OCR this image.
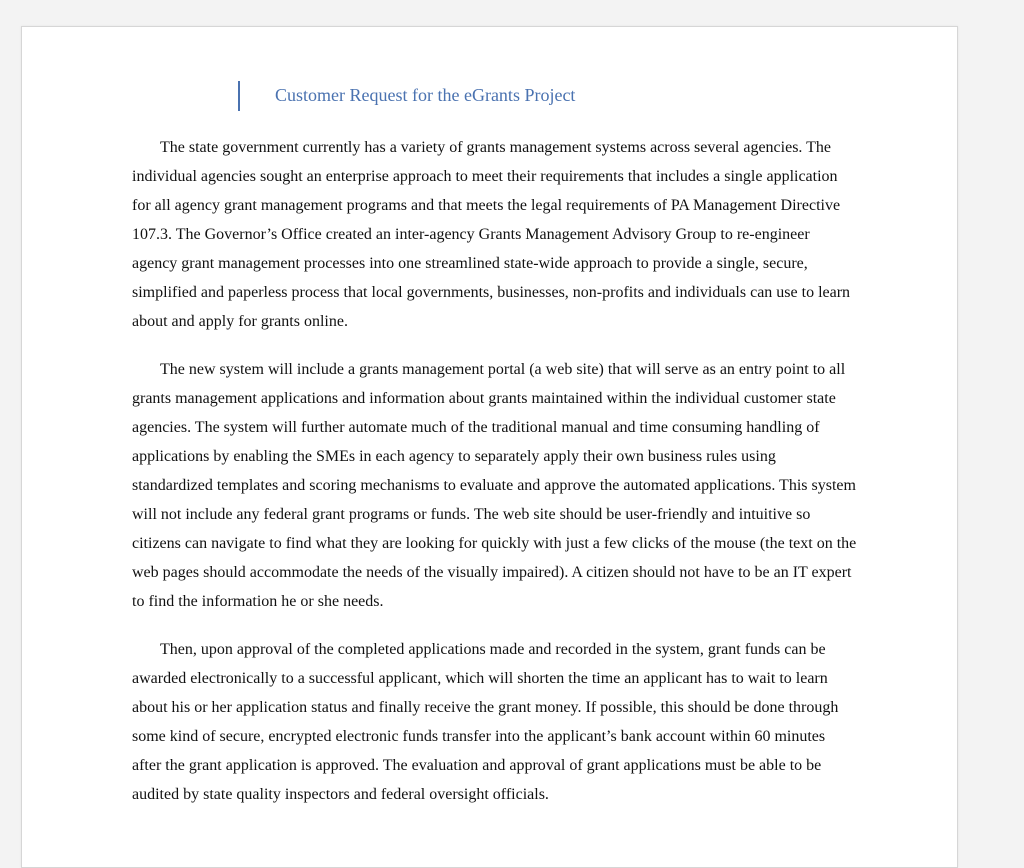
Customer Request for the eGrants Project

The state government currently has a variety of grants management systems across several agencies. The individual agencies sought an enterprise approach to meet their requirements that includes a single application for all agency grant management programs and that meets the legal requirements of PA Management Directive 107.3. The Governor’s Office created an inter-agency Grants Management Advisory Group to re-engineer agency grant management processes into one streamlined state-wide approach to provide a single, secure, simplified and paperless process that local governments, businesses, non-profits and individuals can use to learn about and apply for grants online.

The new system will include a grants management portal (a web site) that will serve as an entry point to all grants management applications and information about grants maintained within the individual customer state agencies. The system will further automate much of the traditional manual and time consuming handling of applications by enabling the SMEs in each agency to separately apply their own business rules using standardized templates and scoring mechanisms to evaluate and approve the automated applications. This system will not include any federal grant programs or funds. The web site should be user-friendly and intuitive so citizens can navigate to find what they are looking for quickly with just a few clicks of the mouse (the text on the web pages should accommodate the needs of the visually impaired). A citizen should not have to be an IT expert to find the information he or she needs.

Then, upon approval of the completed applications made and recorded in the system, grant funds can be awarded electronically to a successful applicant, which will shorten the time an applicant has to wait to learn about his or her application status and finally receive the grant money. If possible, this should be done through some kind of secure, encrypted electronic funds transfer into the applicant’s bank account within 60 minutes after the grant application is approved. The evaluation and approval of grant applications must be able to be audited by state quality inspectors and federal oversight officials.
